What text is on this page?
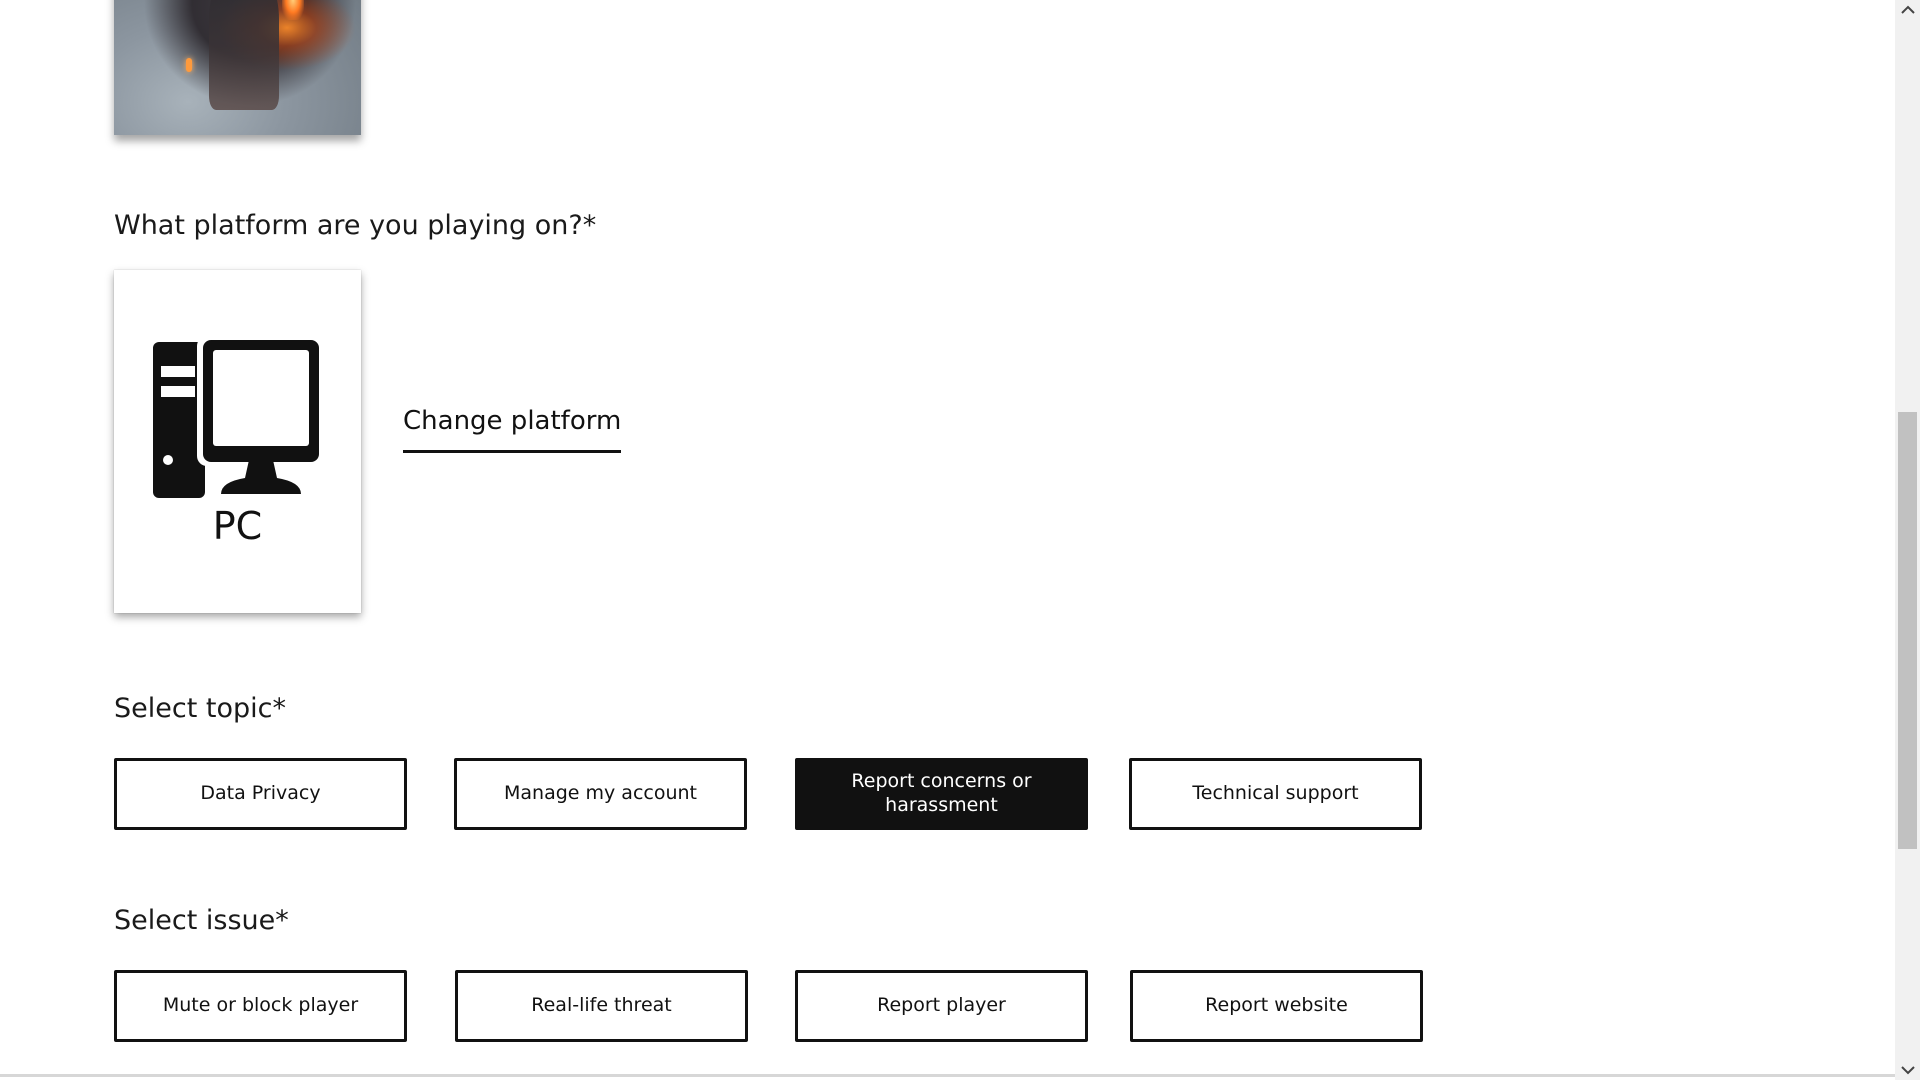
What platform are you playing on?*
PC
Change platform
Select topic*
Data Privacy	Manage my account
Report concerns or harassment
Technical support
Select issue*
Mute or block player	Real-life threat	Report player	Report website
